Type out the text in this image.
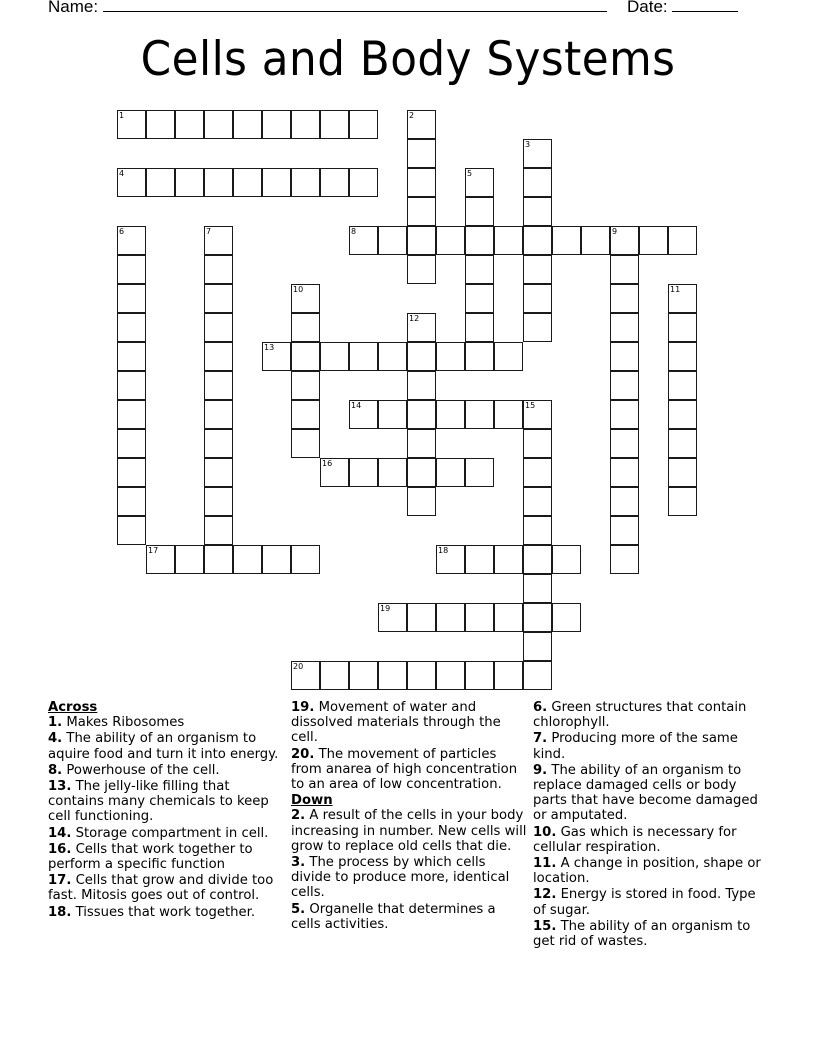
Name:	Date:
Cells and Body Systems
1	2
3
4	5
6	7	8	9
10	11
12
13
14	15
16
17	18
19
20
Across
1. Makes Ribosomes
4. The ability of an organism to aquire food and turn it into energy.
8. Powerhouse of the cell.
13. The jelly-like filling that contains many chemicals to keep cell functioning.
14. Storage compartment in cell.
16. Cells that work together to perform a specific function
17. Cells that grow and divide too fast. Mitosis goes out of control.
18. Tissues that work together.
19. Movement of water and dissolved materials through the cell.
20. The movement of particles from anarea of high concentration to an area of low concentration.
Down
2. A result of the cells in your body increasing in number. New cells will grow to replace old cells that die.
3. The process by which cells divide to produce more, identical cells.
5. Organelle that determines a cells activities.
6. Green structures that contain chlorophyll.
7. Producing more of the same kind.
9. The ability of an organism to replace damaged cells or body parts that have become damaged or amputated.
10. Gas which is necessary for cellular respiration.
11. A change in position, shape or location.
12. Energy is stored in food. Type of sugar.
15. The ability of an organism to get rid of wastes.
